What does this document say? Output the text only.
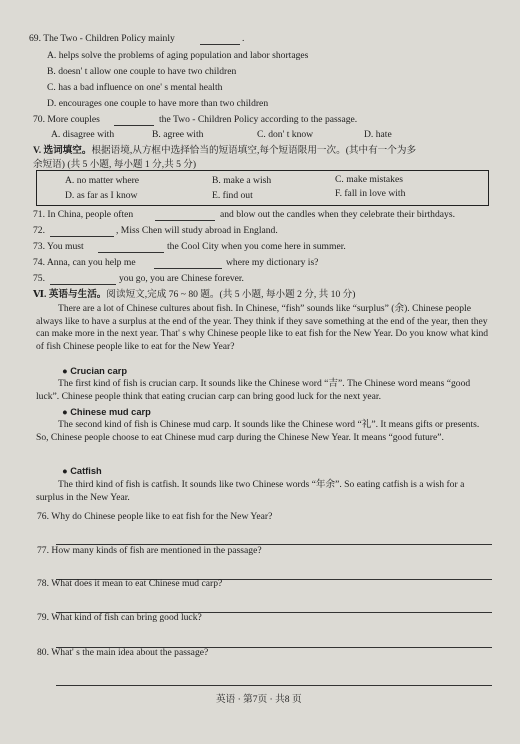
69. The Two - Children Policy mainly	.
A. helps solve the problems of aging population and labor shortages
B. doesn' t allow one couple to have two children
C. has a bad influence on one' s mental health
D. encourages one couple to have more than two children
70. More couples	the Two - Children Policy according to the passage.
A. disagree with	B. agree with	C. don' t know	D. hate
V. 选词填空。根据语境,从方框中选择恰当的短语填空,每个短语限用一次。(其中有一个为多
余短语) (共 5 小题, 每小题 1 分,共 5 分)
A. no matter where	B. make a wish	C. make mistakes
D. as far as I know	E. find out	F. fall in love with
71. In China, people often	and blow out the candles when they celebrate their birthdays.
72.	, Miss Chen will study abroad in England.
73. You must	the Cool City when you come here in summer.
74. Anna, can you help me	where my dictionary is?
75.	you go, you are Chinese forever.
Ⅵ. 英语与生活。阅读短文,完成 76 ~ 80 题。(共 5 小题, 每小题 2 分, 共 10 分)
There are a lot of Chinese cultures about fish. In Chinese, “fish” sounds like “surplus” (余). Chinese people always like to have a surplus at the end of the year. They think if they save something at the end of the year, then they can make more in the next year. That' s why Chinese people like to eat fish for the New Year. Do you know what kind of fish Chinese people like to eat for the New Year?
● Crucian carp
The first kind of fish is crucian carp. It sounds like the Chinese word “吉”. The Chinese word means “good luck”. Chinese people think that eating crucian carp can bring good luck for the next year.
● Chinese mud carp
The second kind of fish is Chinese mud carp. It sounds like the Chinese word “礼”. It means gifts or presents. So, Chinese people choose to eat Chinese mud carp during the Chinese New Year. It means “good future”.
● Catfish
The third kind of fish is catfish. It sounds like two Chinese words “年余”. So eating catfish is a wish for a surplus in the New Year.
76. Why do Chinese people like to eat fish for the New Year?
77. How many kinds of fish are mentioned in the passage?
78. What does it mean to eat Chinese mud carp?
79. What kind of fish can bring good luck?
80. What' s the main idea about the passage?
英语 · 第7页 · 共8 页
